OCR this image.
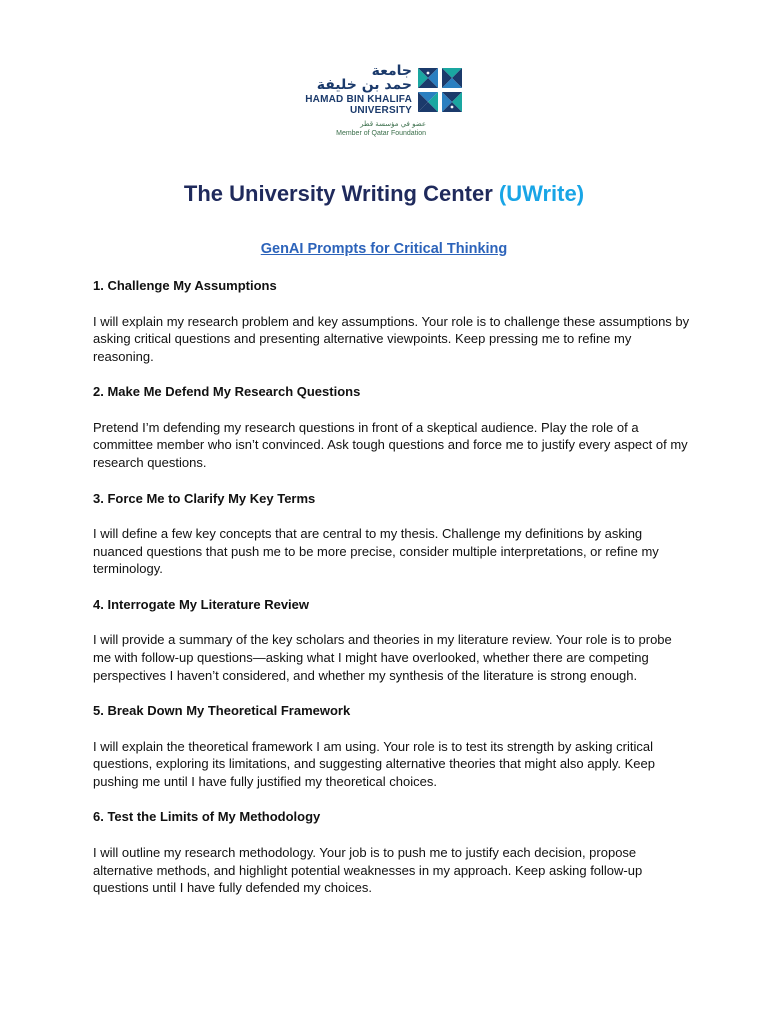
جامعة
حمد بن خليفة
HAMAD BIN KHALIFA
UNIVERSITY
عضو في مؤسسة قطر
Member of Qatar Foundation
The University Writing Center (UWrite)
GenAI Prompts for Critical Thinking
1. Challenge My Assumptions
I will explain my research problem and key assumptions. Your role is to challenge these assumptions by asking critical questions and presenting alternative viewpoints. Keep pressing me to refine my reasoning.
2. Make Me Defend My Research Questions
Pretend I’m defending my research questions in front of a skeptical audience. Play the role of a committee member who isn’t convinced. Ask tough questions and force me to justify every aspect of my research questions.
3. Force Me to Clarify My Key Terms
I will define a few key concepts that are central to my thesis. Challenge my definitions by asking nuanced questions that push me to be more precise, consider multiple interpretations, or refine my terminology.
4. Interrogate My Literature Review
I will provide a summary of the key scholars and theories in my literature review. Your role is to probe me with follow-up questions—asking what I might have overlooked, whether there are competing perspectives I haven’t considered, and whether my synthesis of the literature is strong enough.
5. Break Down My Theoretical Framework
I will explain the theoretical framework I am using. Your role is to test its strength by asking critical questions, exploring its limitations, and suggesting alternative theories that might also apply. Keep pushing me until I have fully justified my theoretical choices.
6. Test the Limits of My Methodology
I will outline my research methodology. Your job is to push me to justify each decision, propose alternative methods, and highlight potential weaknesses in my approach. Keep asking follow-up questions until I have fully defended my choices.
